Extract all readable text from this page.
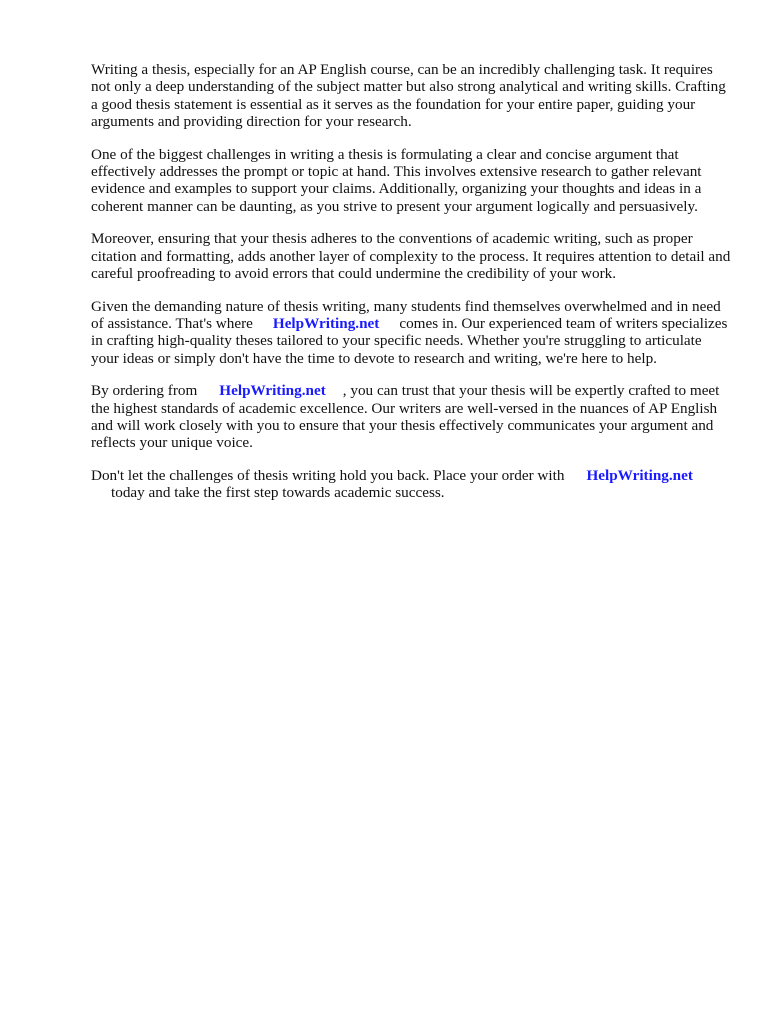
Writing a thesis, especially for an AP English course, can be an incredibly challenging task. It requires not only a deep understanding of the subject matter but also strong analytical and writing skills. Crafting a good thesis statement is essential as it serves as the foundation for your entire paper, guiding your arguments and providing direction for your research.

One of the biggest challenges in writing a thesis is formulating a clear and concise argument that effectively addresses the prompt or topic at hand. This involves extensive research to gather relevant evidence and examples to support your claims. Additionally, organizing your thoughts and ideas in a coherent manner can be daunting, as you strive to present your argument logically and persuasively.

Moreover, ensuring that your thesis adheres to the conventions of academic writing, such as proper citation and formatting, adds another layer of complexity to the process. It requires attention to detail and careful proofreading to avoid errors that could undermine the credibility of your work.

Given the demanding nature of thesis writing, many students find themselves overwhelmed and in need of assistance. That's where HelpWriting.net comes in. Our experienced team of writers specializes in crafting high-quality theses tailored to your specific needs. Whether you're struggling to articulate your ideas or simply don't have the time to devote to research and writing, we're here to help.

By ordering from HelpWriting.net , you can trust that your thesis will be expertly crafted to meet the highest standards of academic excellence. Our writers are well-versed in the nuances of AP English and will work closely with you to ensure that your thesis effectively communicates your argument and reflects your unique voice.

Don't let the challenges of thesis writing hold you back. Place your order with HelpWriting.net
today and take the first step towards academic success.
